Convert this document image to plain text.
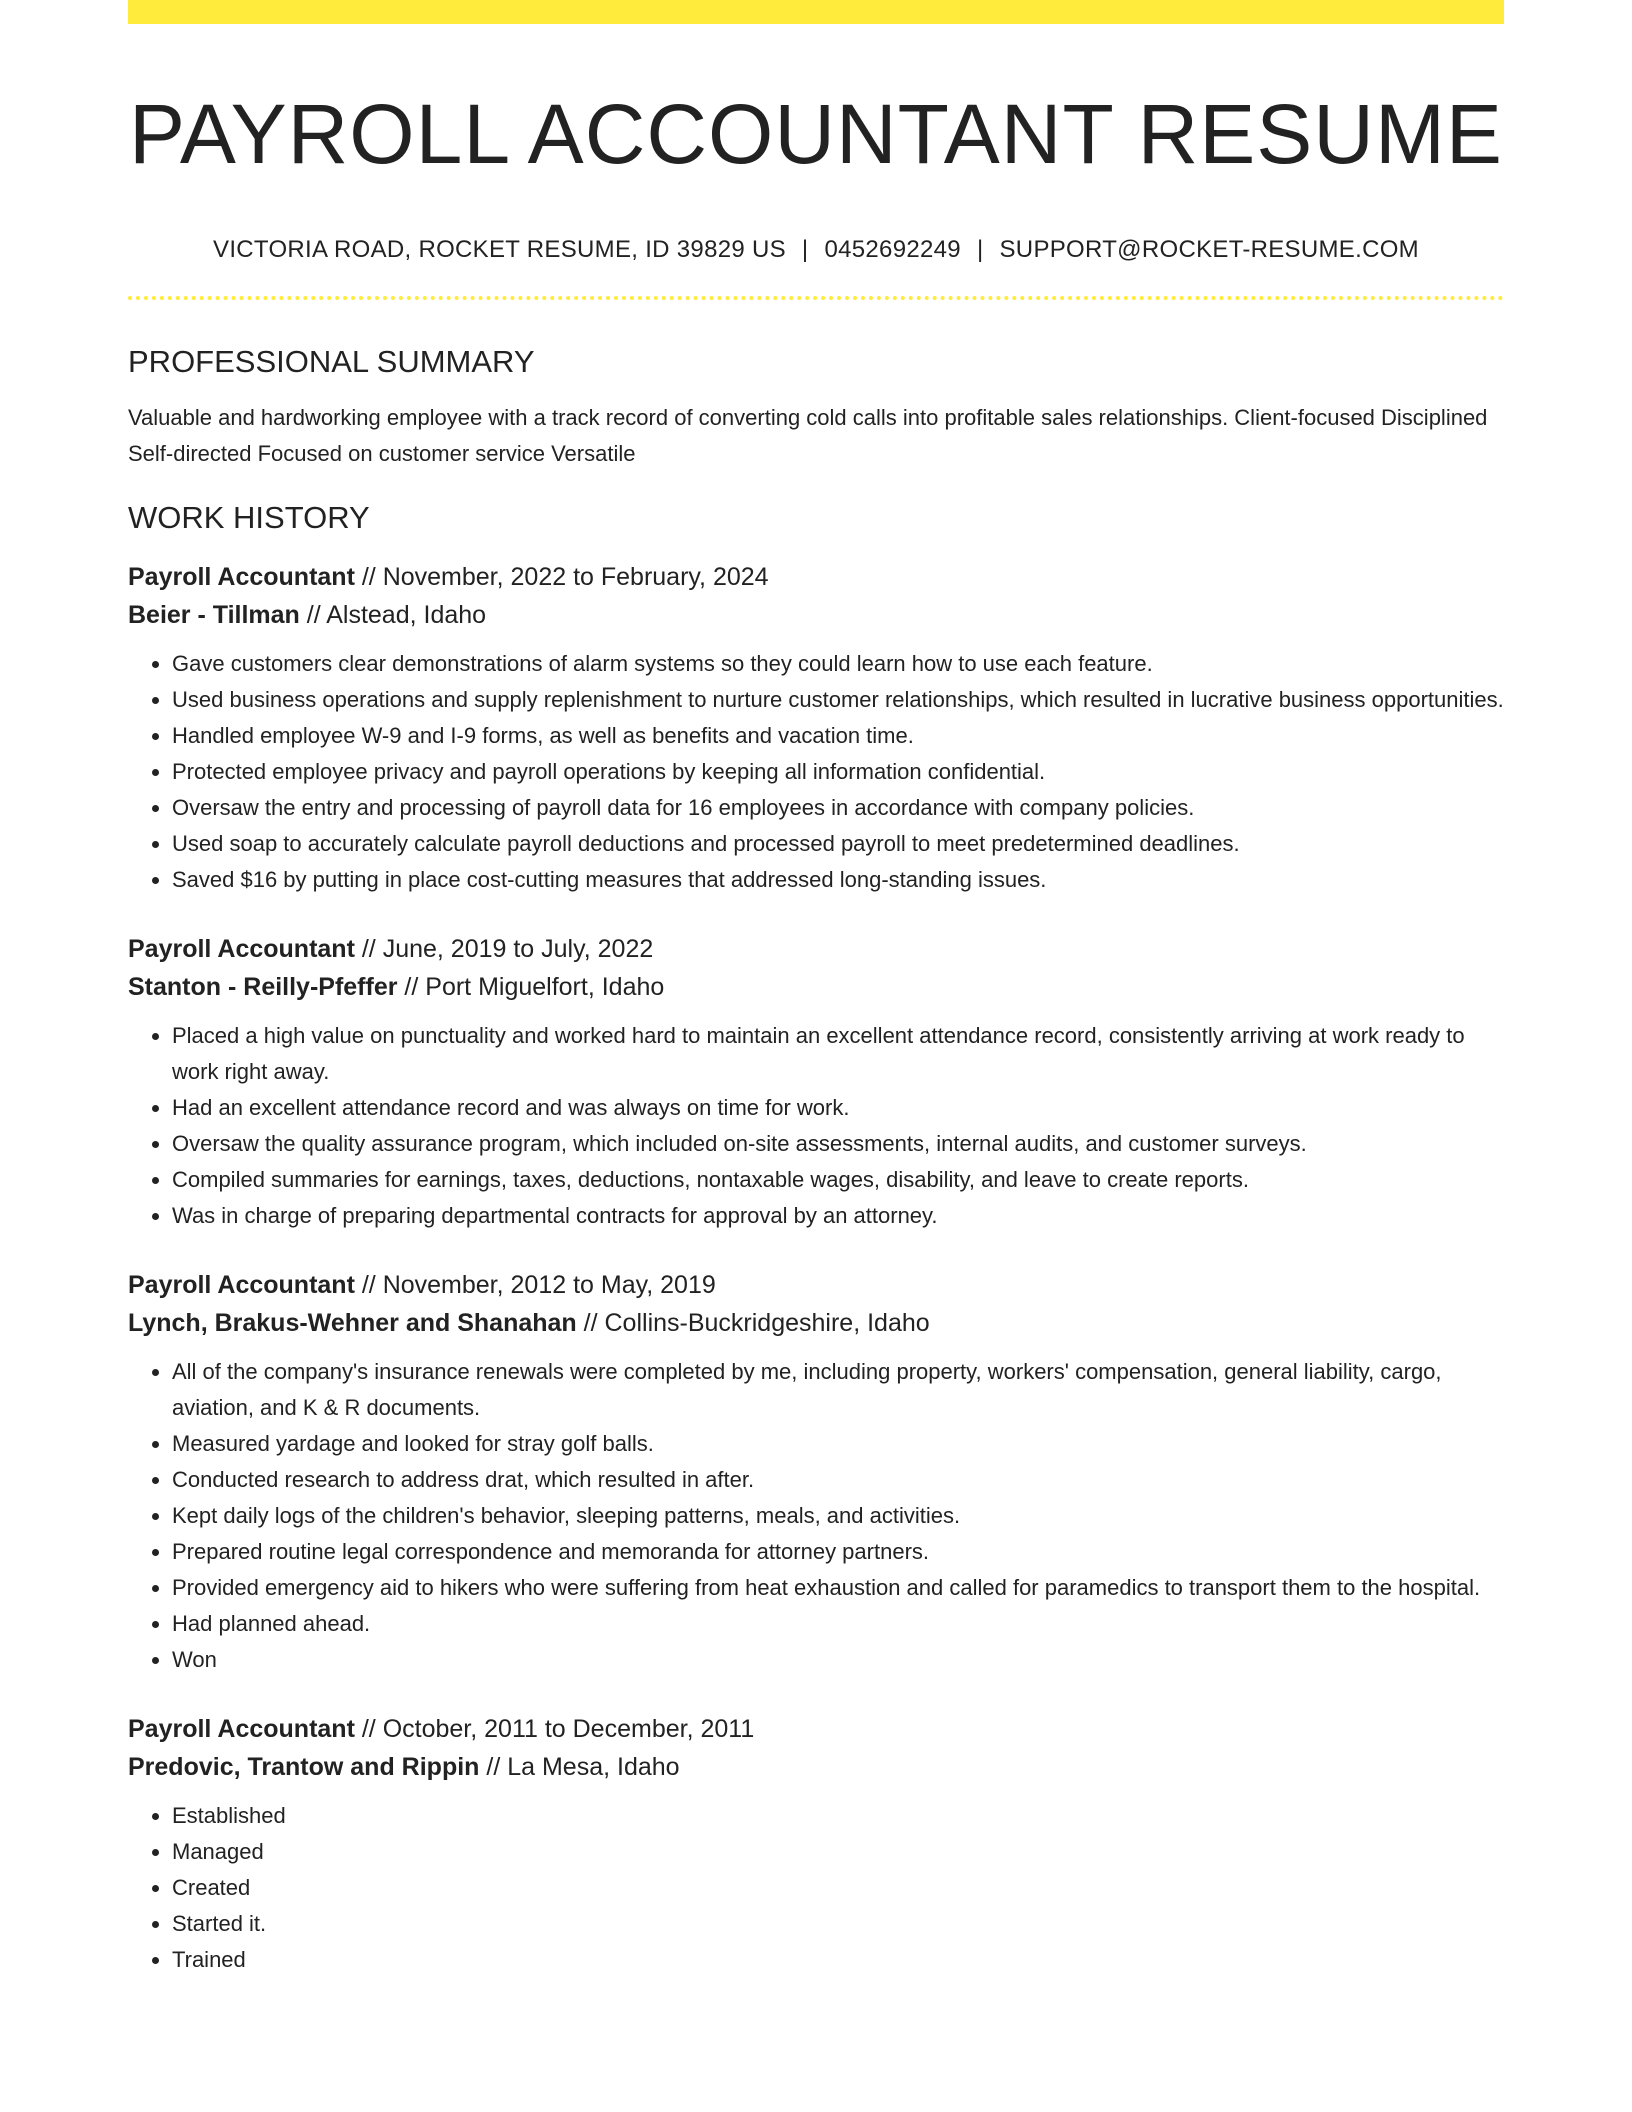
PAYROLL ACCOUNTANT RESUME
VICTORIA ROAD, ROCKET RESUME, ID 39829 US | 0452692249 | SUPPORT@ROCKET-RESUME.COM
PROFESSIONAL SUMMARY
Valuable and hardworking employee with a track record of converting cold calls into profitable sales relationships. Client-focused Disciplined Self-directed Focused on customer service Versatile
WORK HISTORY
Payroll Accountant // November, 2022 to February, 2024
Beier - Tillman // Alstead, Idaho
• Gave customers clear demonstrations of alarm systems so they could learn how to use each feature.
• Used business operations and supply replenishment to nurture customer relationships, which resulted in lucrative business opportunities.
• Handled employee W-9 and I-9 forms, as well as benefits and vacation time.
• Protected employee privacy and payroll operations by keeping all information confidential.
• Oversaw the entry and processing of payroll data for 16 employees in accordance with company policies.
• Used soap to accurately calculate payroll deductions and processed payroll to meet predetermined deadlines.
• Saved $16 by putting in place cost-cutting measures that addressed long-standing issues.
Payroll Accountant // June, 2019 to July, 2022
Stanton - Reilly-Pfeffer // Port Miguelfort, Idaho
• Placed a high value on punctuality and worked hard to maintain an excellent attendance record, consistently arriving at work ready to work right away.
• Had an excellent attendance record and was always on time for work.
• Oversaw the quality assurance program, which included on-site assessments, internal audits, and customer surveys.
• Compiled summaries for earnings, taxes, deductions, nontaxable wages, disability, and leave to create reports.
• Was in charge of preparing departmental contracts for approval by an attorney.
Payroll Accountant // November, 2012 to May, 2019
Lynch, Brakus-Wehner and Shanahan // Collins-Buckridgeshire, Idaho
• All of the company's insurance renewals were completed by me, including property, workers' compensation, general liability, cargo, aviation, and K & R documents.
• Measured yardage and looked for stray golf balls.
• Conducted research to address drat, which resulted in after.
• Kept daily logs of the children's behavior, sleeping patterns, meals, and activities.
• Prepared routine legal correspondence and memoranda for attorney partners.
• Provided emergency aid to hikers who were suffering from heat exhaustion and called for paramedics to transport them to the hospital.
• Had planned ahead.
• Won
Payroll Accountant // October, 2011 to December, 2011
Predovic, Trantow and Rippin // La Mesa, Idaho
• Established
• Managed
• Created
• Started it.
• Trained
